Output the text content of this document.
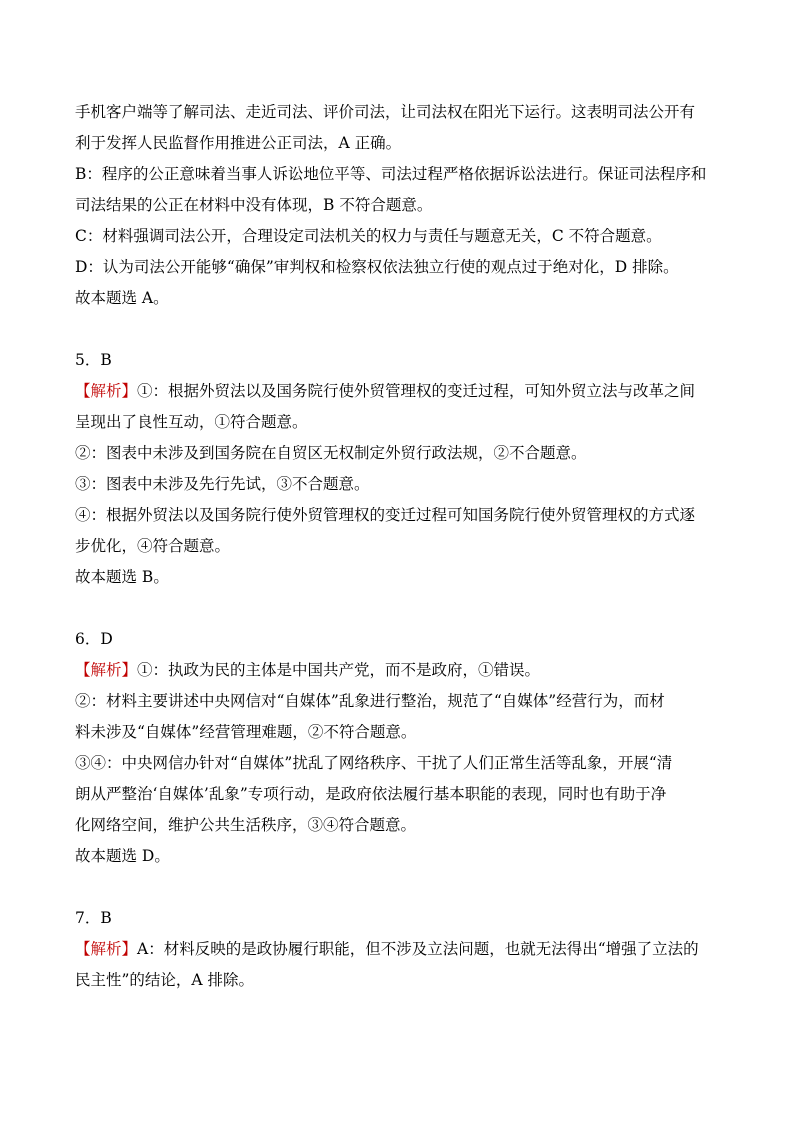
手机客户端等了解司法、走近司法、评价司法，让司法权在阳光下运行。这表明司法公开有
利于发挥人民监督作用推进公正司法，A 正确。
B：程序的公正意味着当事人诉讼地位平等、司法过程严格依据诉讼法进行。保证司法程序和
司法结果的公正在材料中没有体现，B 不符合题意。
C：材料强调司法公开，合理设定司法机关的权力与责任与题意无关，C 不符合题意。
D：认为司法公开能够“确保”审判权和检察权依法独立行使的观点过于绝对化，D 排除。
故本题选 A。
5．B
【解析】①：根据外贸法以及国务院行使外贸管理权的变迁过程，可知外贸立法与改革之间
呈现出了良性互动，①符合题意。
②：图表中未涉及到国务院在自贸区无权制定外贸行政法规，②不合题意。
③：图表中未涉及先行先试，③不合题意。
④：根据外贸法以及国务院行使外贸管理权的变迁过程可知国务院行使外贸管理权的方式逐
步优化，④符合题意。
故本题选 B。
6．D
【解析】①：执政为民的主体是中国共产党，而不是政府，①错误。
②：材料主要讲述中央网信对“自媒体”乱象进行整治，规范了“自媒体”经营行为，而材
料未涉及“自媒体”经营管理难题，②不符合题意。
③④：中央网信办针对“自媒体”扰乱了网络秩序、干扰了人们正常生活等乱象，开展“清
朗从严整治‘自媒体’乱象”专项行动，是政府依法履行基本职能的表现，同时也有助于净
化网络空间，维护公共生活秩序，③④符合题意。
故本题选 D。
7．B
【解析】A：材料反映的是政协履行职能，但不涉及立法问题，也就无法得出“增强了立法的
民主性”的结论，A 排除。
